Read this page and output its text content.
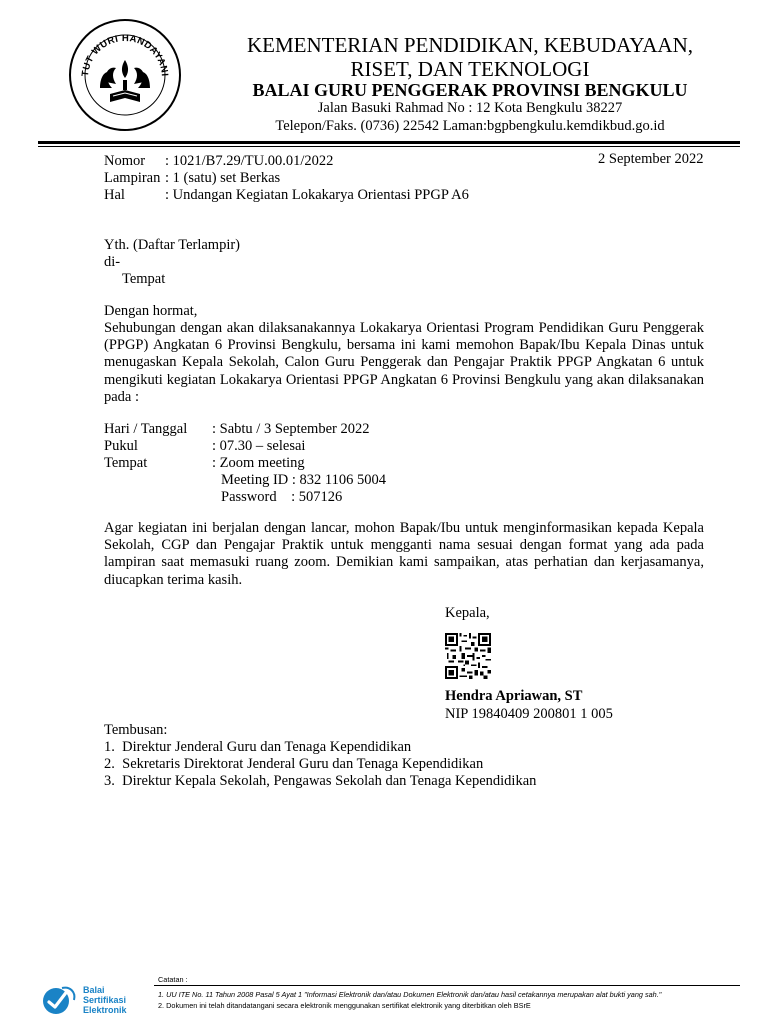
TUT WURI HANDAYANI
KEMENTERIAN PENDIDIKAN, KEBUDAYAAN,
RISET, DAN TEKNOLOGI
BALAI GURU PENGGERAK PROVINSI BENGKULU
Jalan Basuki Rahmad No : 12 Kota Bengkulu 38227
Telepon/Faks. (0736) 22542 Laman:bgpbengkulu.kemdikbud.go.id
2 September 2022
Nomor : 1021/B7.29/TU.00.01/2022
Lampiran : 1 (satu) set Berkas
Hal	: Undangan Kegiatan Lokakarya Orientasi PPGP A6
Yth. (Daftar Terlampir)
di-
Tempat
Dengan hormat,
Sehubungan dengan akan dilaksanakannya Lokakarya Orientasi Program Pendidikan Guru Penggerak (PPGP) Angkatan 6 Provinsi Bengkulu, bersama ini kami memohon Bapak/Ibu Kepala Dinas untuk menugaskan Kepala Sekolah, Calon Guru Penggerak dan Pengajar Praktik PPGP Angkatan 6 untuk mengikuti kegiatan Lokakarya Orientasi PPGP Angkatan 6 Provinsi Bengkulu yang akan dilaksanakan pada :
Hari / Tanggal : Sabtu / 3 September 2022
Pukul	: 07.30 – selesai
Tempat	: Zoom meeting
Meeting ID : 832 1106 5004
Password    : 507126
Agar kegiatan ini berjalan dengan lancar, mohon Bapak/Ibu untuk menginformasikan kepada Kepala Sekolah, CGP dan Pengajar Praktik untuk mengganti nama sesuai dengan format yang ada pada lampiran saat memasuki ruang zoom. Demikian kami sampaikan, atas perhatian dan kerjasamanya, diucapkan terima kasih.
Kepala,
Hendra Apriawan, ST
NIP 19840409 200801 1 005
Tembusan:
1.  Direktur Jenderal Guru dan Tenaga Kependidikan
2.  Sekretaris Direktorat Jenderal Guru dan Tenaga Kependidikan
3.  Direktur Kepala Sekolah, Pengawas Sekolah dan Tenaga Kependidikan
Balai
Sertifikasi
Elektronik
Catatan :
1. UU ITE No. 11 Tahun 2008 Pasal 5 Ayat 1 "Informasi Elektronik dan/atau Dokumen Elektronik dan/atau hasil cetakannya merupakan alat bukti yang sah."
2. Dokumen ini telah ditandatangani secara elektronik menggunakan sertifikat elektronik yang diterbitkan oleh BSrE
